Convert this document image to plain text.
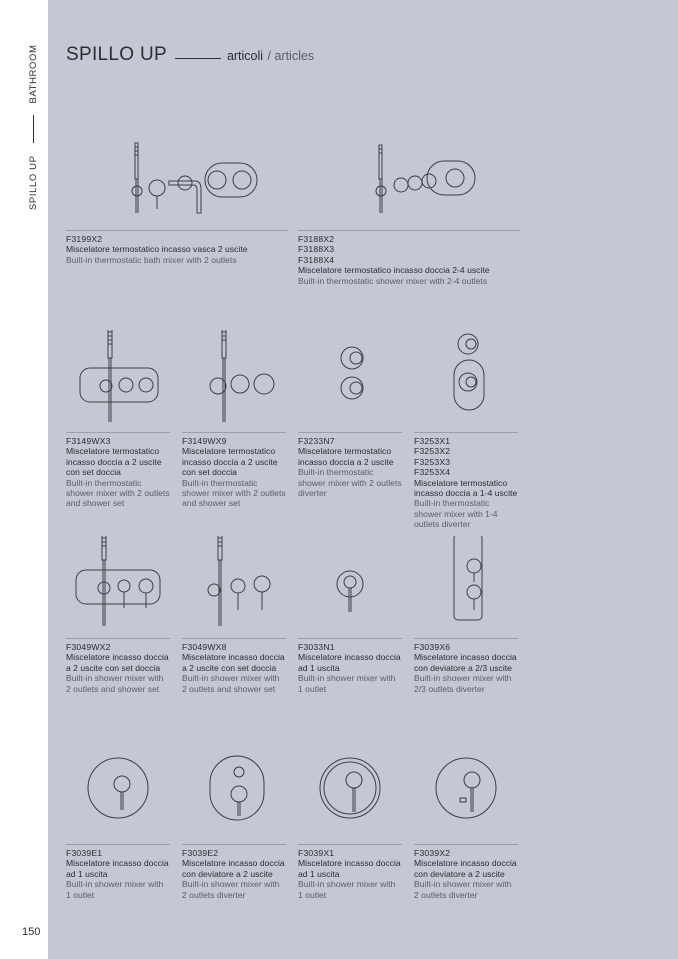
SPILLO UP
BATHROOM
150
SPILLO UP	articoli
/ articles
F3199X2
Miscelatore termostatico incasso vasca 2 uscite
Built-in thermostatic bath mixer with 2 outlets
F3188X2
F3188X3
F3188X4
Miscelatore termostatico incasso doccia 2-4 uscite
Built-in thermostatic shower mixer with 2-4 outlets
F3149WX3
Miscelatore termostatico incasso doccia a 2 uscite con set doccia
Built-in thermostatic shower mixer with 2 outlets and shower set
F3149WX9
Miscelatore termostatico incasso doccia a 2 uscite con set doccia
Built-in thermostatic shower mixer with 2 outlets and shower set
F3233N7
Miscelatore termostatico incasso doccia a 2 uscite
Built-in thermostatic shower mixer with 2 outlets diverter
F3253X1
F3253X2
F3253X3
F3253X4
Miscelatore termostatico incasso doccia a 1-4 uscite
Built-in thermostatic shower mixer with 1-4 outlets diverter
F3049WX2
Miscelatore incasso doccia a 2 uscite con set doccia
Built-in shower mixer with 2 outlets and shower set
F3049WX8
Miscelatore incasso doccia a 2 uscite con set doccia
Built-in shower mixer with 2 outlets and shower set
F3033N1
Miscelatore incasso doccia ad 1 uscita
Built-in shower mixer with 1 outlet
F3039X6
Miscelatore incasso doccia con deviatore a 2/3 uscite
Built-in shower mixer with 2/3 outlets diverter
F3039E1
Miscelatore incasso doccia ad 1 uscita
Built-in shower mixer with 1 outlet
F3039E2
Miscelatore incasso doccia con deviatore a 2 uscite
Built-in shower mixer with 2 outlets diverter
F3039X1
Miscelatore incasso doccia ad 1 uscita
Built-in shower mixer with 1 outlet
F3039X2
Miscelatore incasso doccia con deviatore a 2 uscite
Built-in shower mixer with 2 outlets diverter
